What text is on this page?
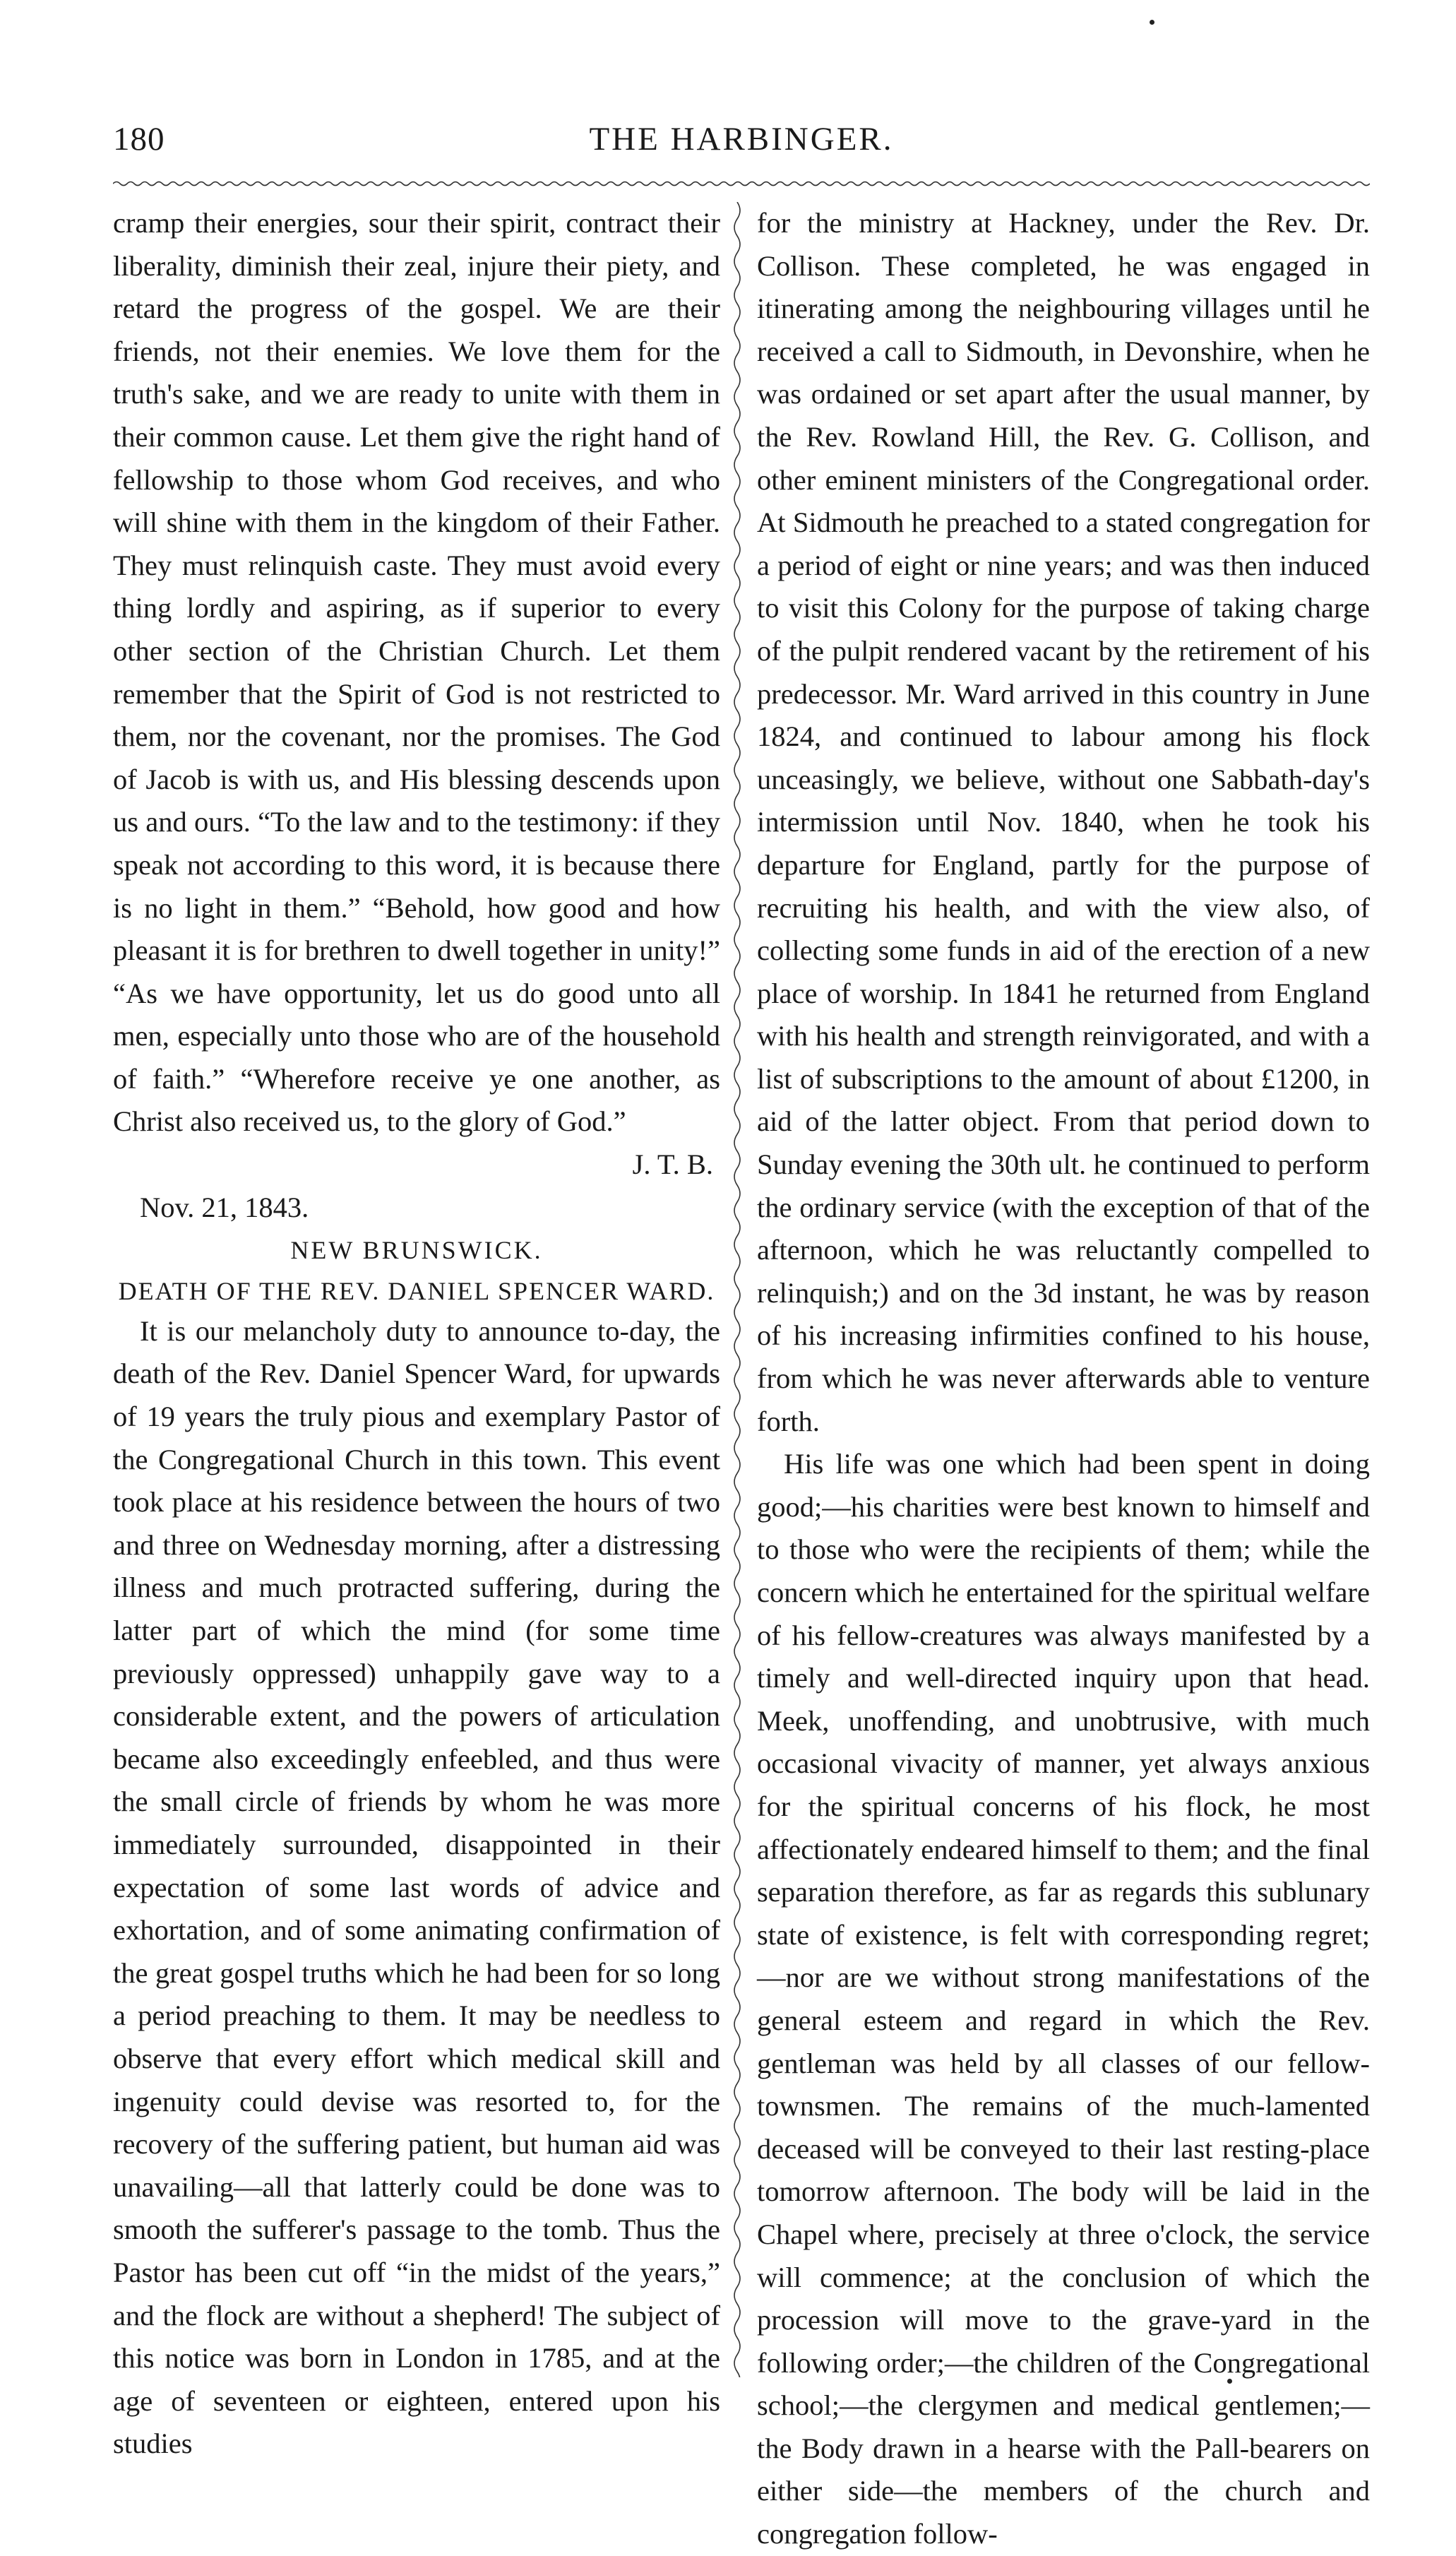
180	THE HARBINGER.

cramp their energies, sour their spirit, contract their liberality, diminish their zeal, injure their piety, and retard the progress of the gospel. We are their friends, not their enemies. We love them for the truth's sake, and we are ready to unite with them in their common cause. Let them give the right hand of fellowship to those whom God receives, and who will shine with them in the kingdom of their Father. They must relinquish caste. They must avoid every thing lordly and aspiring, as if superior to every other section of the Christian Church. Let them remember that the Spirit of God is not restricted to them, nor the covenant, nor the promises. The God of Jacob is with us, and His blessing descends upon us and ours. “To the law and to the testimony: if they speak not according to this word, it is because there is no light in them.” “Behold, how good and how pleasant it is for brethren to dwell together in unity!” “As we have opportunity, let us do good unto all men, especially unto those who are of the household of faith.” “Wherefore receive ye one another, as Christ also received us, to the glory of God.”

J. T. B.

Nov. 21, 1843.

NEW BRUNSWICK.

DEATH OF THE REV. DANIEL SPENCER WARD.

It is our melancholy duty to announce to-day, the death of the Rev. Daniel Spencer Ward, for upwards of 19 years the truly pious and exemplary Pastor of the Congregational Church in this town. This event took place at his residence between the hours of two and three on Wednesday morning, after a distressing illness and much protracted suffering, during the latter part of which the mind (for some time previously oppressed) unhappily gave way to a considerable extent, and the powers of articulation became also exceedingly enfeebled, and thus were the small circle of friends by whom he was more immediately surrounded, disappointed in their expectation of some last words of advice and exhortation, and of some animating confirmation of the great gospel truths which he had been for so long a period preaching to them. It may be needless to observe that every effort which medical skill and ingenuity could devise was resorted to, for the recovery of the suffering patient, but human aid was unavailing—all that latterly could be done was to smooth the sufferer's passage to the tomb. Thus the Pastor has been cut off “in the midst of the years,” and the flock are without a shepherd! The subject of this notice was born in London in 1785, and at the age of seventeen or eighteen, entered upon his studies

for the ministry at Hackney, under the Rev. Dr. Collison. These completed, he was engaged in itinerating among the neighbouring villages until he received a call to Sidmouth, in Devonshire, when he was ordained or set apart after the usual manner, by the Rev. Rowland Hill, the Rev. G. Collison, and other eminent ministers of the Congregational order. At Sidmouth he preached to a stated congregation for a period of eight or nine years; and was then induced to visit this Colony for the purpose of taking charge of the pulpit rendered vacant by the retirement of his predecessor. Mr. Ward arrived in this country in June 1824, and continued to labour among his flock unceasingly, we believe, without one Sabbath-day's intermission until Nov. 1840, when he took his departure for England, partly for the purpose of recruiting his health, and with the view also, of collecting some funds in aid of the erection of a new place of worship. In 1841 he returned from England with his health and strength reinvigorated, and with a list of subscriptions to the amount of about £1200, in aid of the latter object. From that period down to Sunday evening the 30th ult. he continued to perform the ordinary service (with the exception of that of the afternoon, which he was reluctantly compelled to relinquish;) and on the 3d instant, he was by reason of his increasing infirmities confined to his house, from which he was never afterwards able to venture forth.

His life was one which had been spent in doing good;—his charities were best known to himself and to those who were the recipients of them; while the concern which he entertained for the spiritual welfare of his fellow-creatures was always manifested by a timely and well-directed inquiry upon that head. Meek, unoffending, and unobtrusive, with much occasional vivacity of manner, yet always anxious for the spiritual concerns of his flock, he most affectionately endeared himself to them; and the final separation therefore, as far as regards this sublunary state of existence, is felt with corresponding regret;—nor are we without strong manifestations of the general esteem and regard in which the Rev. gentleman was held by all classes of our fellow-townsmen. The remains of the much-lamented deceased will be conveyed to their last resting-place tomorrow afternoon. The body will be laid in the Chapel where, precisely at three o'clock, the service will commence; at the conclusion of which the procession will move to the grave-yard in the following order;—the children of the Congregational school;—the clergymen and medical gentlemen;—the Body drawn in a hearse with the Pall-bearers on either side—the members of the church and congregation follow-
